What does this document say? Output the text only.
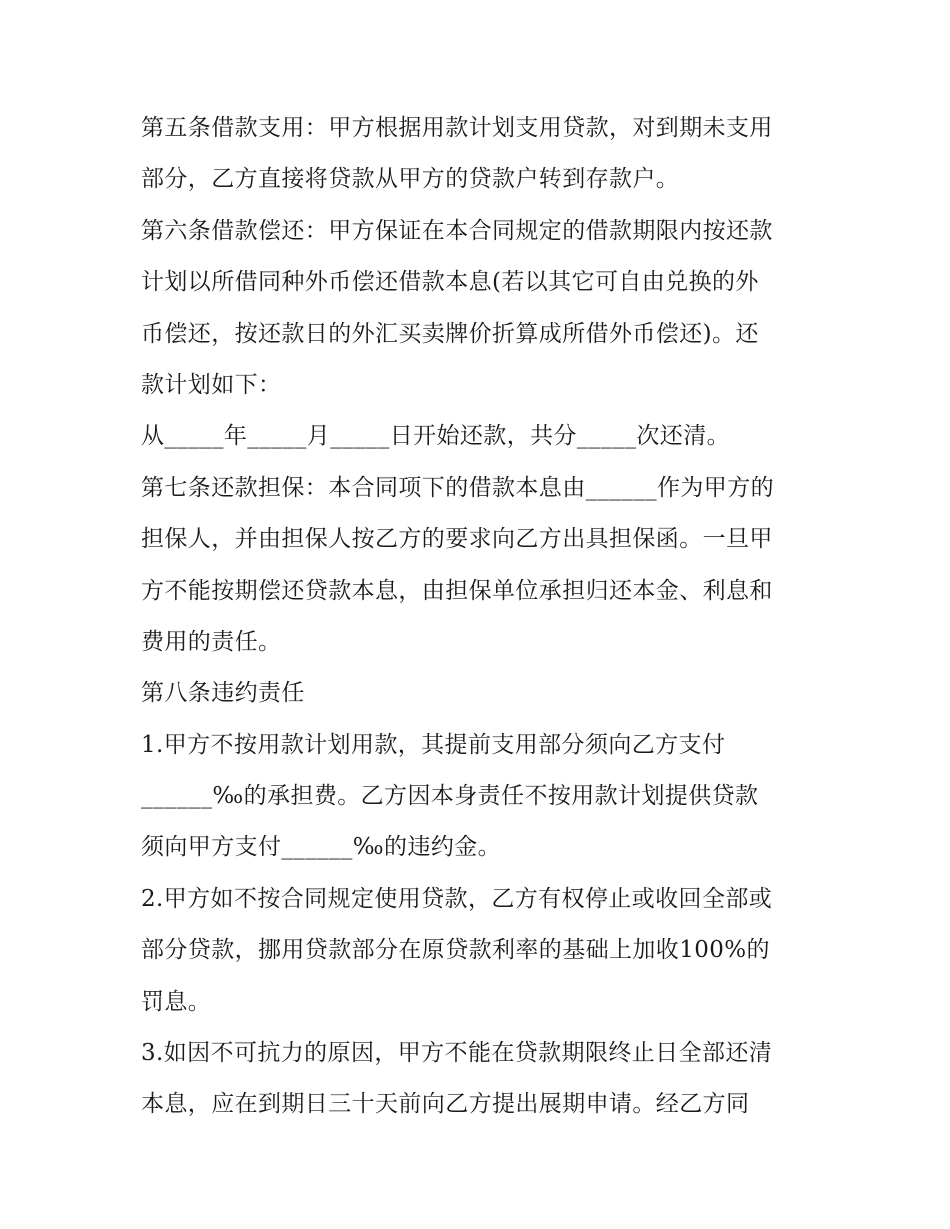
第五条借款支用：甲方根据用款计划支用贷款，对到期未支用
部分，乙方直接将贷款从甲方的贷款户转到存款户。
第六条借款偿还：甲方保证在本合同规定的借款期限内按还款
计划以所借同种外币偿还借款本息(若以其它可自由兑换的外
币偿还，按还款日的外汇买卖牌价折算成所借外币偿还)。还
款计划如下：
从_____年_____月_____日开始还款，共分_____次还清。
第七条还款担保：本合同项下的借款本息由______作为甲方的
担保人，并由担保人按乙方的要求向乙方出具担保函。一旦甲
方不能按期偿还贷款本息，由担保单位承担归还本金、利息和
费用的责任。
第八条违约责任
1.甲方不按用款计划用款，其提前支用部分须向乙方支付
______‰的承担费。乙方因本身责任不按用款计划提供贷款
须向甲方支付______‰的违约金。
2.甲方如不按合同规定使用贷款，乙方有权停止或收回全部或
部分贷款，挪用贷款部分在原贷款利率的基础上加收100%的
罚息。
3.如因不可抗力的原因，甲方不能在贷款期限终止日全部还清
本息，应在到期日三十天前向乙方提出展期申请。经乙方同
